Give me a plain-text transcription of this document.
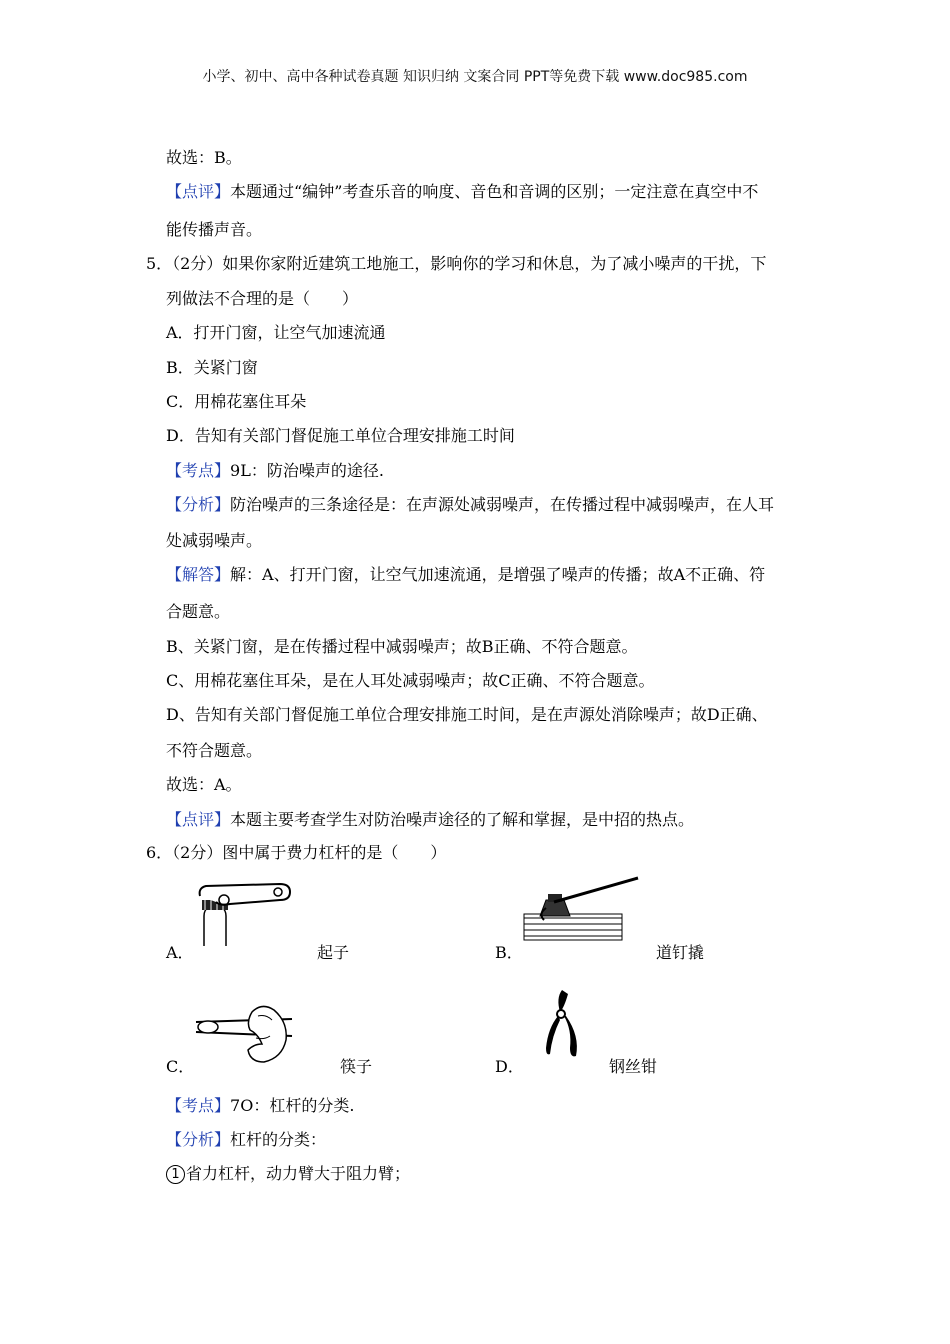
小学、初中、高中各种试卷真题 知识归纳 文案合同 PPT等免费下载 www.doc985.com
故选：B。
【点评】本题通过“编钟”考查乐音的响度、音色和音调的区别；一定注意在真空中不
能传播声音。
5．（2分）如果你家附近建筑工地施工，影响你的学习和休息，为了减小噪声的干扰，下
列做法不合理的是（　　）
A．打开门窗，让空气加速流通
B．关紧门窗
C．用棉花塞住耳朵
D．告知有关部门督促施工单位合理安排施工时间
【考点】9L：防治噪声的途径.
【分析】防治噪声的三条途径是：在声源处减弱噪声，在传播过程中减弱噪声，在人耳
处减弱噪声。
【解答】解：A、打开门窗，让空气加速流通，是增强了噪声的传播；故A不正确、符
合题意。
B、关紧门窗，是在传播过程中减弱噪声；故B正确、不符合题意。
C、用棉花塞住耳朵，是在人耳处减弱噪声；故C正确、不符合题意。
D、告知有关部门督促施工单位合理安排施工时间，是在声源处消除噪声；故D正确、
不符合题意。
故选：A。
【点评】本题主要考查学生对防治噪声途径的了解和掌握，是中招的热点。
6．（2分）图中属于费力杠杆的是（　　）
A．	起子	B．	道钉撬
C．	筷子	D．	钢丝钳
【考点】7O：杠杆的分类.
【分析】杠杆的分类：
1 省力杠杆，动力臂大于阻力臂；
